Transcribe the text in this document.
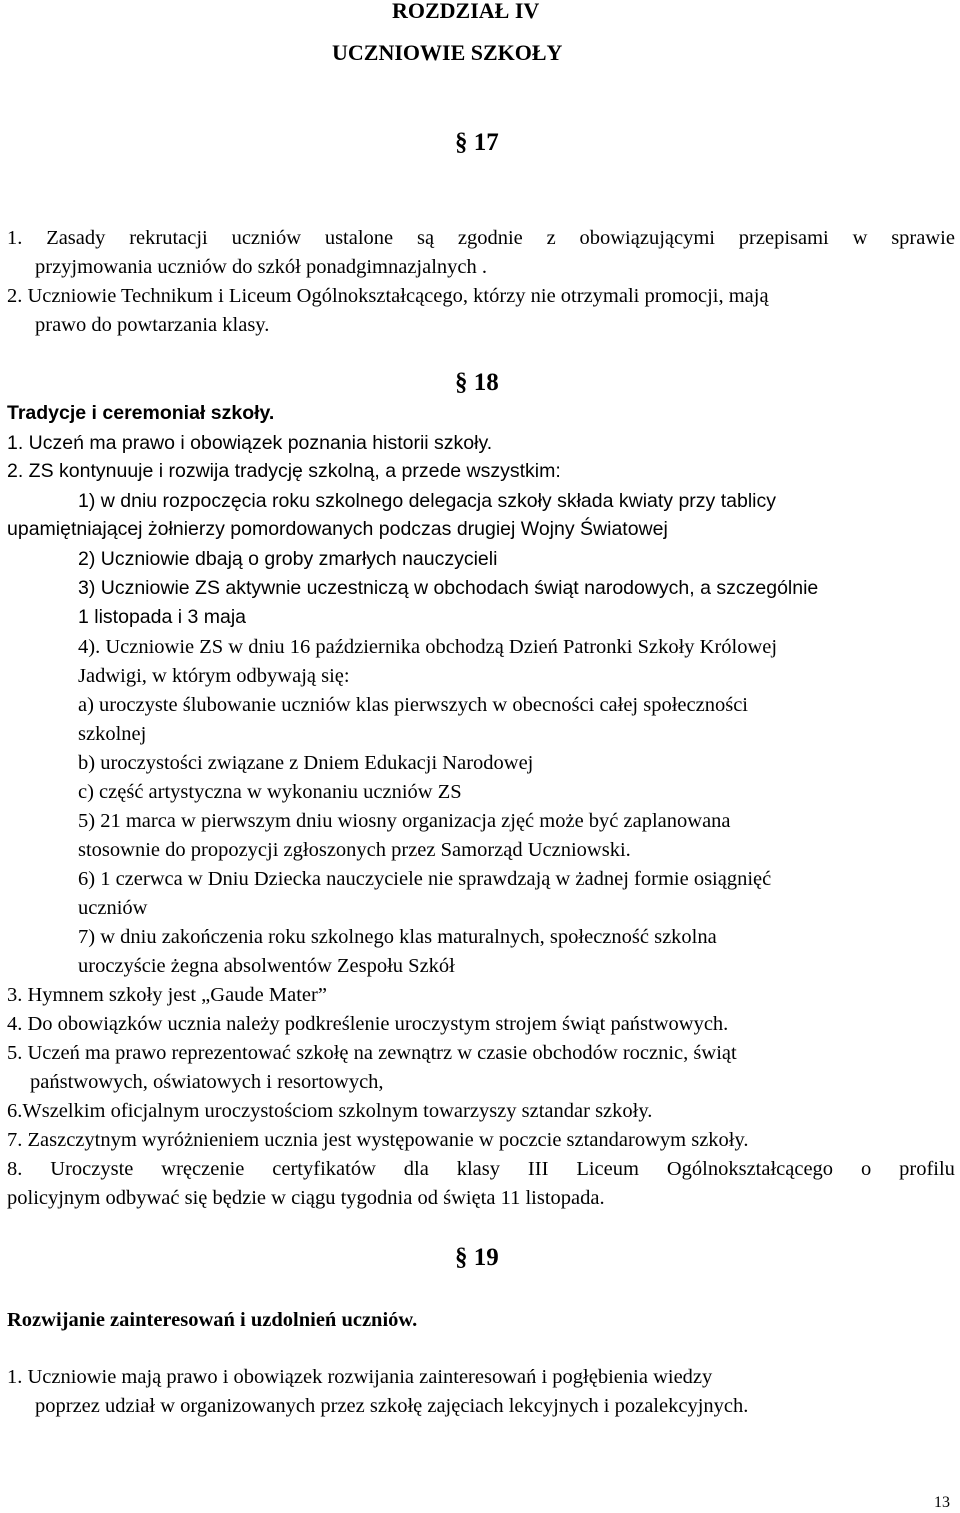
ROZDZIAŁ IV
UCZNIOWIE SZKOŁY
§ 17
1. Zasady rekrutacji uczniów ustalone są zgodnie z obowiązującymi przepisami w sprawie
przyjmowania uczniów do szkół ponadgimnazjalnych .
2. Uczniowie Technikum i Liceum Ogólnokształcącego, którzy nie otrzymali promocji, mają
prawo do powtarzania klasy.
§ 18
Tradycje i ceremoniał szkoły.
1. Uczeń ma prawo i obowiązek poznania historii szkoły.
2. ZS kontynuuje i rozwija tradycję szkolną, a przede wszystkim:
1) w dniu rozpoczęcia roku szkolnego delegacja szkoły składa kwiaty przy tablicy
upamiętniającej żołnierzy pomordowanych podczas drugiej Wojny Światowej
2) Uczniowie dbają o groby zmarłych nauczycieli
3) Uczniowie ZS aktywnie uczestniczą w obchodach świąt narodowych, a szczególnie
1 listopada i 3 maja
4). Uczniowie ZS w dniu 16 października obchodzą Dzień Patronki Szkoły Królowej
Jadwigi, w którym odbywają się:
a) uroczyste ślubowanie uczniów klas pierwszych w obecności całej społeczności
szkolnej
b) uroczystości związane z Dniem Edukacji Narodowej
c) część artystyczna w wykonaniu uczniów ZS
5) 21 marca w pierwszym dniu wiosny organizacja zjęć może być zaplanowana
stosownie do propozycji zgłoszonych przez Samorząd Uczniowski.
6) 1 czerwca w Dniu Dziecka nauczyciele nie sprawdzają w żadnej formie osiągnięć
uczniów
7) w dniu zakończenia roku szkolnego klas maturalnych, społeczność szkolna
uroczyście żegna absolwentów Zespołu Szkół
3. Hymnem szkoły jest „Gaude Mater”
4. Do obowiązków ucznia należy podkreślenie uroczystym strojem świąt państwowych.
5. Uczeń ma prawo reprezentować szkołę na zewnątrz w czasie obchodów rocznic, świąt
państwowych, oświatowych i resortowych,
6.Wszelkim oficjalnym uroczystościom szkolnym towarzyszy sztandar szkoły.
7. Zaszczytnym wyróżnieniem ucznia jest występowanie w poczcie sztandarowym szkoły.
8. Uroczyste wręczenie certyfikatów dla klasy III Liceum Ogólnokształcącego o profilu
policyjnym odbywać się będzie w ciągu tygodnia od święta 11 listopada.
§ 19
Rozwijanie zainteresowań i uzdolnień uczniów.
1. Uczniowie mają prawo i obowiązek rozwijania zainteresowań i pogłębienia wiedzy
poprzez udział w organizowanych przez szkołę zajęciach lekcyjnych i pozalekcyjnych.
13
